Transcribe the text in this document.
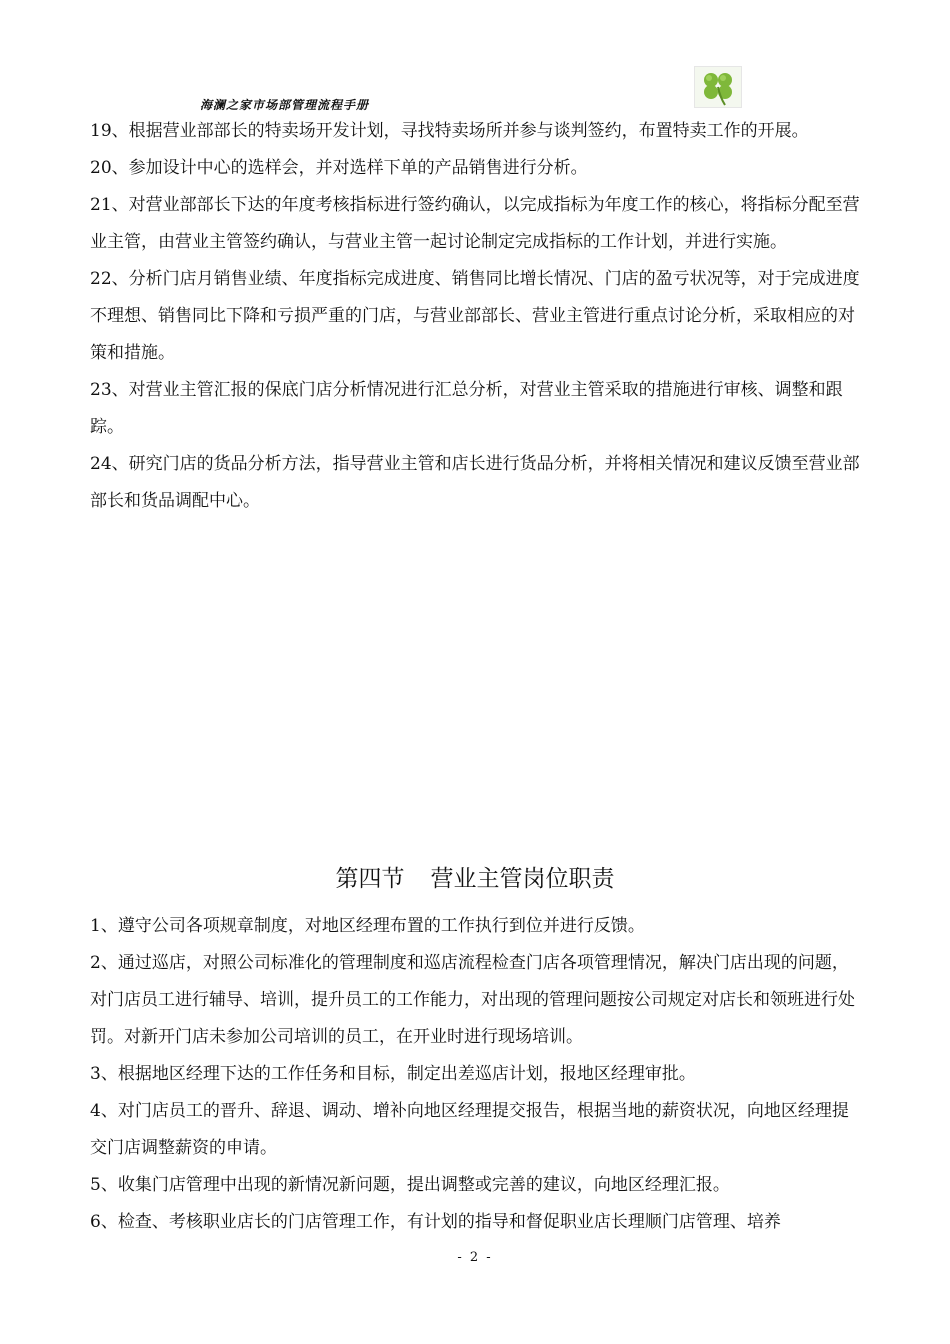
海澜之家市场部管理流程手册

19、根据营业部部长的特卖场开发计划，寻找特卖场所并参与谈判签约，布置特卖工作的开展。

20、参加设计中心的选样会，并对选样下单的产品销售进行分析。

21、对营业部部长下达的年度考核指标进行签约确认，以完成指标为年度工作的核心，将指标分配至营业主管，由营业主管签约确认，与营业主管一起讨论制定完成指标的工作计划，并进行实施。

22、分析门店月销售业绩、年度指标完成进度、销售同比增长情况、门店的盈亏状况等，对于完成进度不理想、销售同比下降和亏损严重的门店，与营业部部长、营业主管进行重点讨论分析，采取相应的对策和措施。

23、对营业主管汇报的保底门店分析情况进行汇总分析，对营业主管采取的措施进行审核、调整和跟踪。

24、研究门店的货品分析方法，指导营业主管和店长进行货品分析，并将相关情况和建议反馈至营业部部长和货品调配中心。

第四节 营业主管岗位职责

1、遵守公司各项规章制度，对地区经理布置的工作执行到位并进行反馈。

2、通过巡店，对照公司标准化的管理制度和巡店流程检查门店各项管理情况，解决门店出现的问题，对门店员工进行辅导、培训，提升员工的工作能力，对出现的管理问题按公司规定对店长和领班进行处罚。对新开门店未参加公司培训的员工，在开业时进行现场培训。

3、根据地区经理下达的工作任务和目标，制定出差巡店计划，报地区经理审批。

4、对门店员工的晋升、辞退、调动、增补向地区经理提交报告，根据当地的薪资状况，向地区经理提交门店调整薪资的申请。

5、收集门店管理中出现的新情况新问题，提出调整或完善的建议，向地区经理汇报。

6、检查、考核职业店长的门店管理工作，有计划的指导和督促职业店长理顺门店管理、培养

- 2 -
